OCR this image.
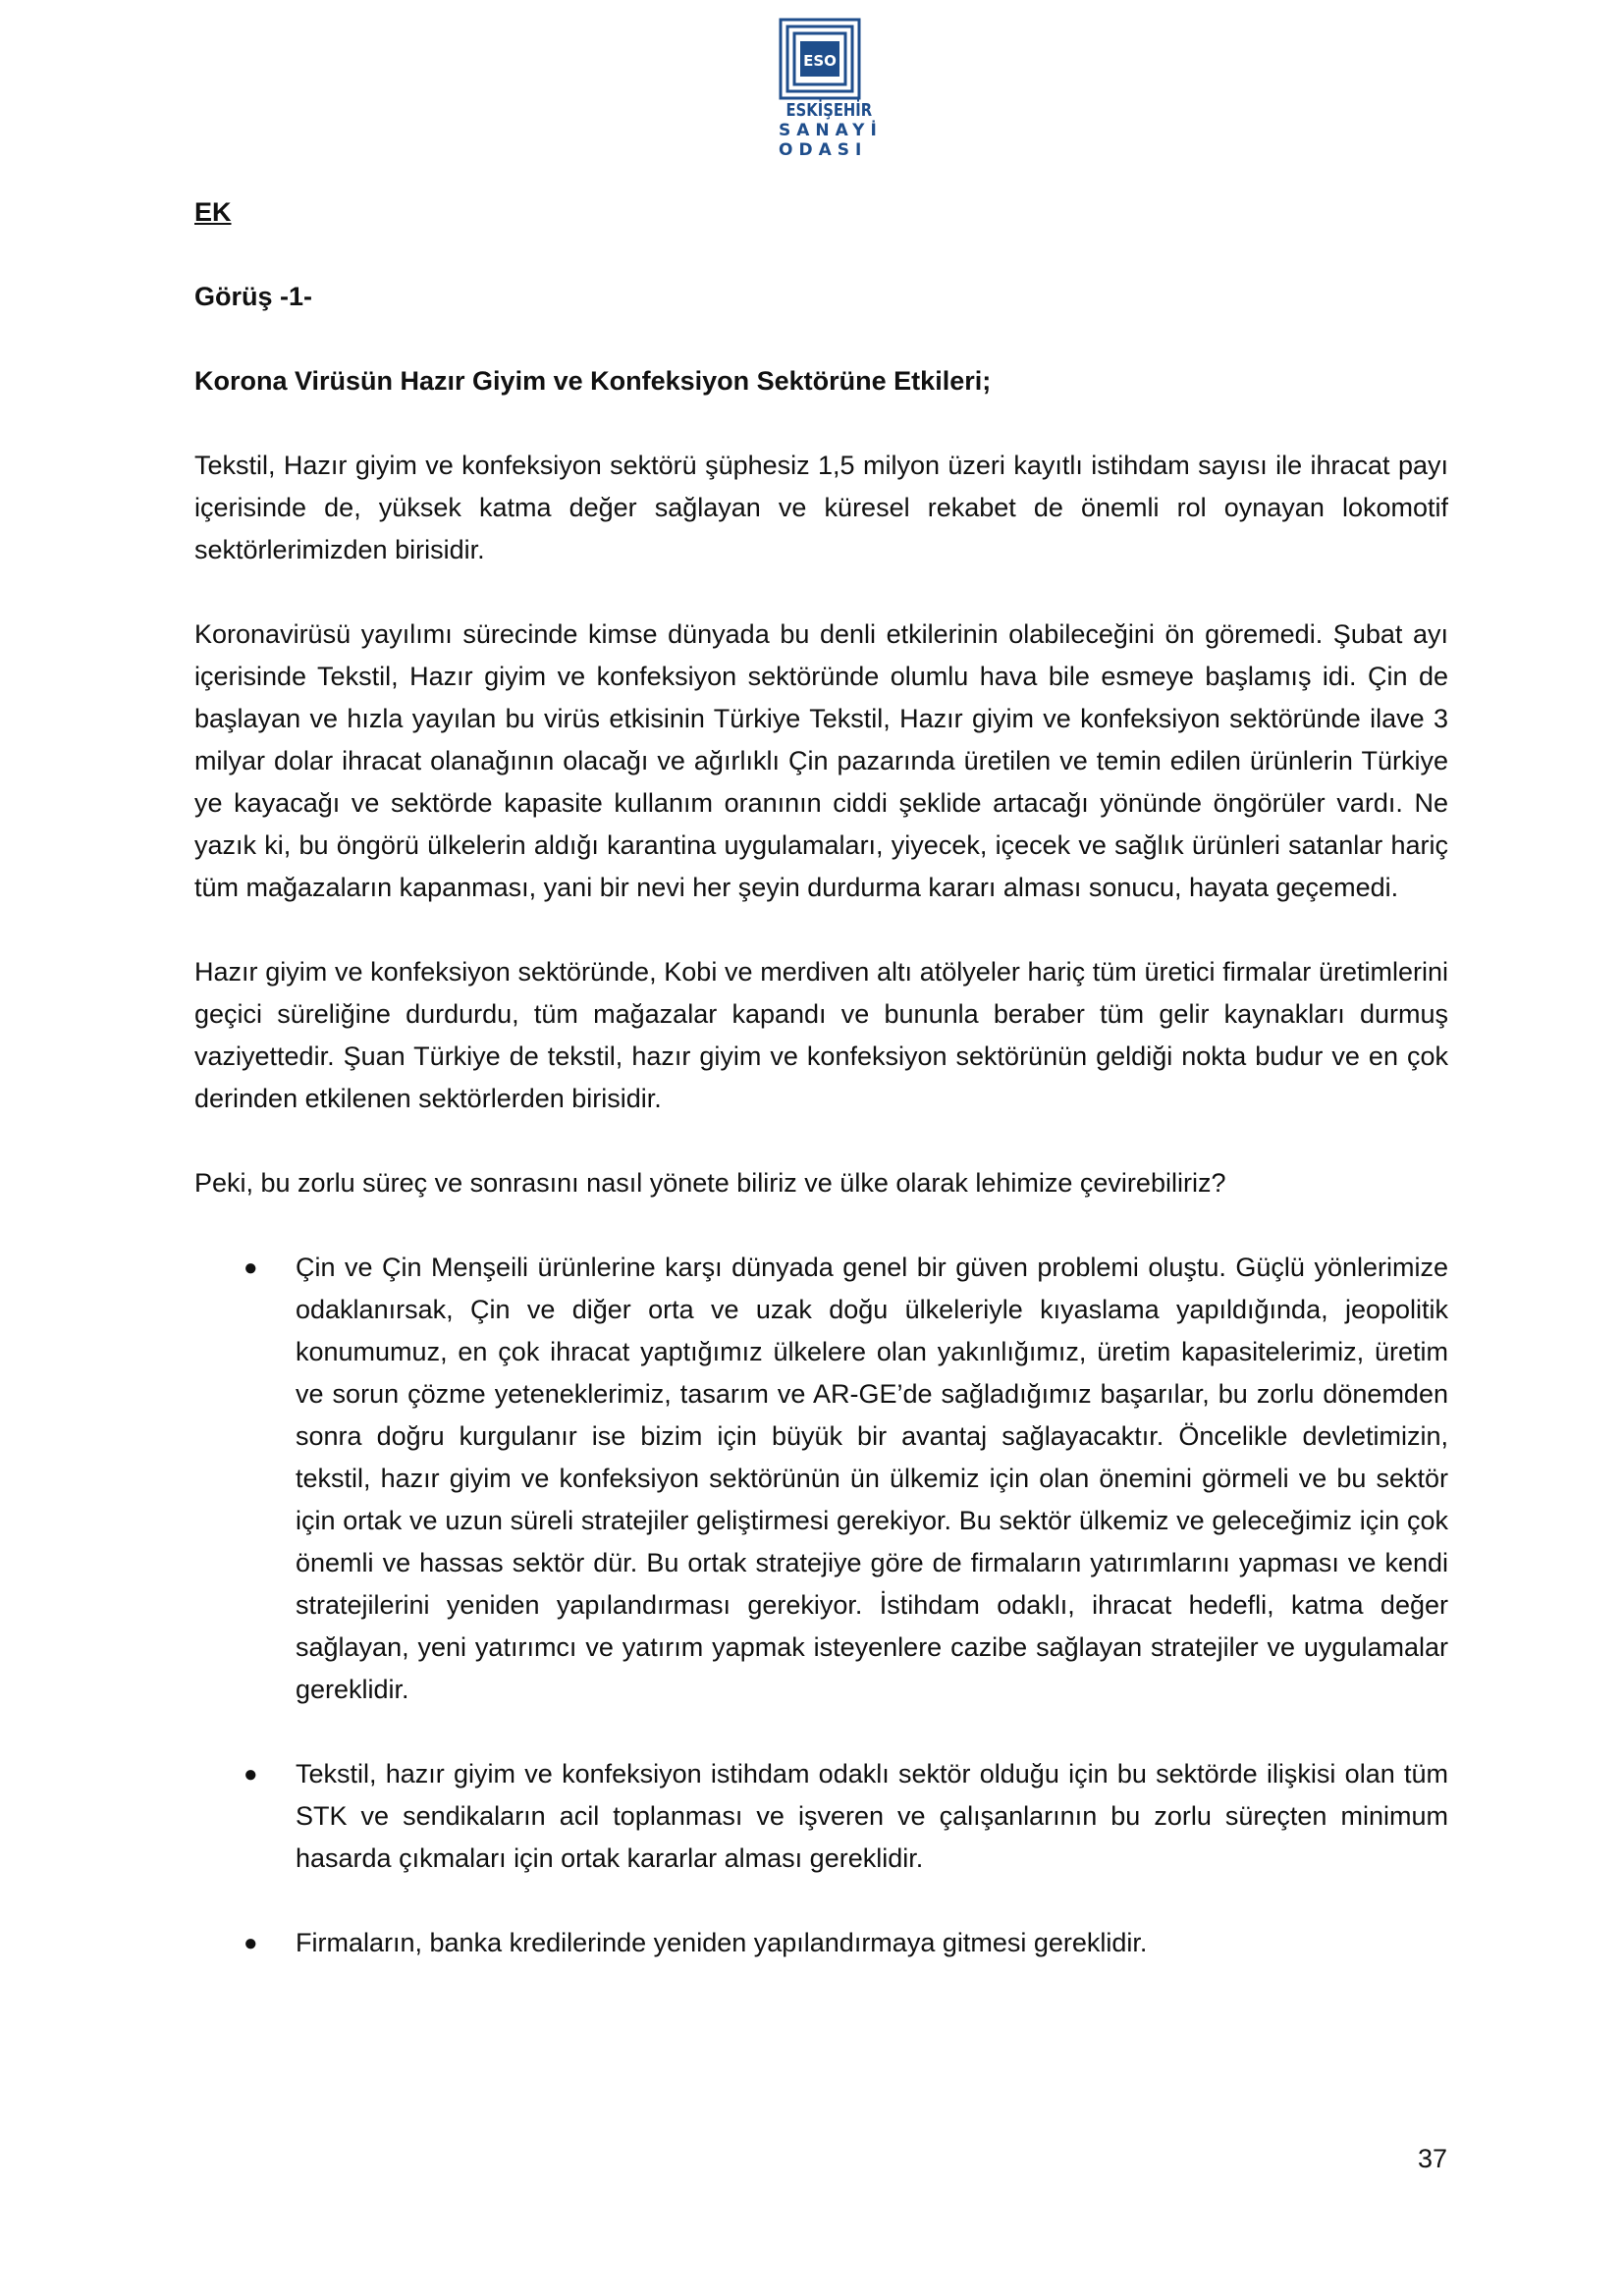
ESO
ESKİŞEHİR
SANAYİ
ODASI
EK
Görüş -1-
Korona Virüsün Hazır Giyim ve Konfeksiyon Sektörüne Etkileri;

Tekstil, Hazır giyim ve konfeksiyon sektörü şüphesiz 1,5 milyon üzeri kayıtlı istihdam sayısı ile ihracat payı içerisinde de, yüksek katma değer sağlayan ve küresel rekabet de önemli rol oynayan lokomotif sektörlerimizden birisidir.

Koronavirüsü yayılımı sürecinde kimse dünyada bu denli etkilerinin olabileceğini ön göremedi. Şubat ayı içerisinde Tekstil, Hazır giyim ve konfeksiyon sektöründe olumlu hava bile esmeye başlamış idi. Çin de başlayan ve hızla yayılan bu virüs etkisinin Türkiye Tekstil, Hazır giyim ve konfeksiyon sektöründe ilave 3 milyar dolar ihracat olanağının olacağı ve ağırlıklı Çin pazarında üretilen ve temin edilen ürünlerin Türkiye ye kayacağı ve sektörde kapasite kullanım oranının ciddi şeklide artacağı yönünde öngörüler vardı. Ne yazık ki, bu öngörü ülkelerin aldığı karantina uygulamaları, yiyecek, içecek ve sağlık ürünleri satanlar hariç tüm mağazaların kapanması, yani bir nevi her şeyin durdurma kararı alması sonucu, hayata geçemedi.

Hazır giyim ve konfeksiyon sektöründe, Kobi ve merdiven altı atölyeler hariç tüm üretici firmalar üretimlerini geçici süreliğine durdurdu, tüm mağazalar kapandı ve bununla beraber tüm gelir kaynakları durmuş vaziyettedir. Şuan Türkiye de tekstil, hazır giyim ve konfeksiyon sektörünün geldiği nokta budur ve en çok derinden etkilenen sektörlerden birisidir.

Peki, bu zorlu süreç ve sonrasını nasıl yönete biliriz ve ülke olarak lehimize çevirebiliriz?

● Çin ve Çin Menşeili ürünlerine karşı dünyada genel bir güven problemi oluştu. Güçlü yönlerimize odaklanırsak, Çin ve diğer orta ve uzak doğu ülkeleriyle kıyaslama yapıldığında, jeopolitik konumumuz, en çok ihracat yaptığımız ülkelere olan yakınlığımız, üretim kapasitelerimiz, üretim ve sorun çözme yeteneklerimiz, tasarım ve AR-GE’de sağladığımız başarılar, bu zorlu dönemden sonra doğru kurgulanır ise bizim için büyük bir avantaj sağlayacaktır. Öncelikle devletimizin, tekstil, hazır giyim ve konfeksiyon sektörünün ün ülkemiz için olan önemini görmeli ve bu sektör için ortak ve uzun süreli stratejiler geliştirmesi gerekiyor. Bu sektör ülkemiz ve geleceğimiz için çok önemli ve hassas sektör dür. Bu ortak stratejiye göre de firmaların yatırımlarını yapması ve kendi stratejilerini yeniden yapılandırması gerekiyor. İstihdam odaklı, ihracat hedefli, katma değer sağlayan, yeni yatırımcı ve yatırım yapmak isteyenlere cazibe sağlayan stratejiler ve uygulamalar gereklidir.
● Tekstil, hazır giyim ve konfeksiyon istihdam odaklı sektör olduğu için bu sektörde ilişkisi olan tüm STK ve sendikaların acil toplanması ve işveren ve çalışanlarının bu zorlu süreçten minimum hasarda çıkmaları için ortak kararlar alması gereklidir.
● Firmaların, banka kredilerinde yeniden yapılandırmaya gitmesi gereklidir.
37
